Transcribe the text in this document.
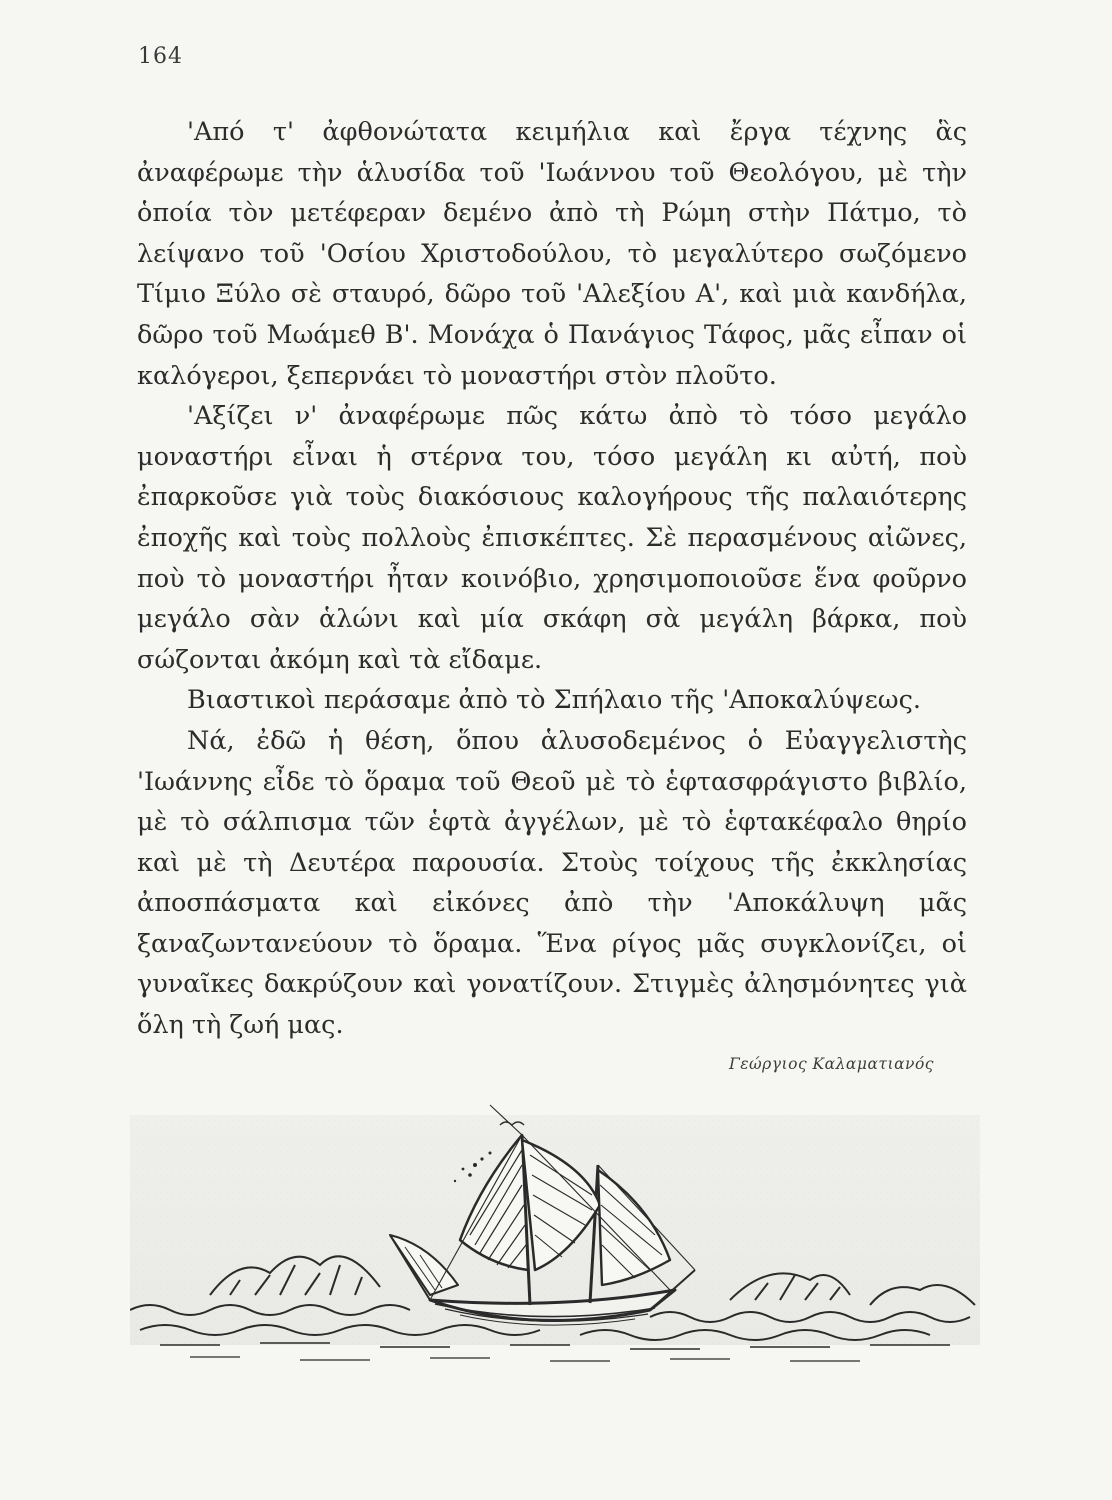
164

'Από τ' ἀφθονώτατα κειμήλια καὶ ἔργα τέχνης ἃς ἀναφέρωμε τὴν ἁλυσίδα τοῦ 'Ιωάννου τοῦ Θεολόγου, μὲ τὴν ὁποία τὸν μετέφεραν δεμένο ἀπὸ τὴ Ρώμη στὴν Πάτμο, τὸ λείψανο τοῦ 'Οσίου Χριστοδούλου, τὸ μεγαλύτερο σωζόμενο Τίμιο Ξύλο σὲ σταυρό, δῶρο τοῦ 'Αλεξίου Α', καὶ μιὰ κανδήλα, δῶρο τοῦ Μωάμεθ Β'. Μονάχα ὁ Πανάγιος Τάφος, μᾶς εἶπαν οἱ καλόγεροι, ξεπερνάει τὸ μοναστήρι στὸν πλοῦτο.

'Αξίζει ν' ἀναφέρωμε πῶς κάτω ἀπὸ τὸ τόσο μεγάλο μοναστήρι εἶναι ἡ στέρνα του, τόσο μεγάλη κι αὐτή, ποὺ ἐπαρκοῦσε γιὰ τοὺς διακόσιους καλογήρους τῆς παλαιότερης ἐποχῆς καὶ τοὺς πολλοὺς ἐπισκέπτες. Σὲ περασμένους αἰῶνες, ποὺ τὸ μοναστήρι ἦταν κοινόβιο, χρησιμοποιοῦσε ἕνα φοῦρνο μεγάλο σὰν ἁλώνι καὶ μία σκάφη σὰ μεγάλη βάρκα, ποὺ σώζονται ἀκόμη καὶ τὰ εἴδαμε.

Βιαστικοὶ περάσαμε ἀπὸ τὸ Σπήλαιο τῆς 'Αποκαλύψεως.

Νά, ἐδῶ ἡ θέση, ὅπου ἁλυσοδεμένος ὁ Εὐαγγελιστὴς 'Ιωάννης εἶδε τὸ ὅραμα τοῦ Θεοῦ μὲ τὸ ἑφτασφράγιστο βιβλίο, μὲ τὸ σάλπισμα τῶν ἑφτὰ ἀγγέλων, μὲ τὸ ἑφτακέφαλο θηρίο καὶ μὲ τὴ Δευτέρα παρουσία. Στοὺς τοίχους τῆς ἐκκλησίας ἀποσπάσματα καὶ εἰκόνες ἀπὸ τὴν 'Αποκάλυψη μᾶς ξαναζωντανεύουν τὸ ὅραμα. Ἕνα ρίγος μᾶς συγκλονίζει, οἱ γυναῖκες δακρύζουν καὶ γονατίζουν. Στιγμὲς ἀλησμόνητες γιὰ ὅλη τὴ ζωή μας.

Γεώργιος Καλαματιανός
